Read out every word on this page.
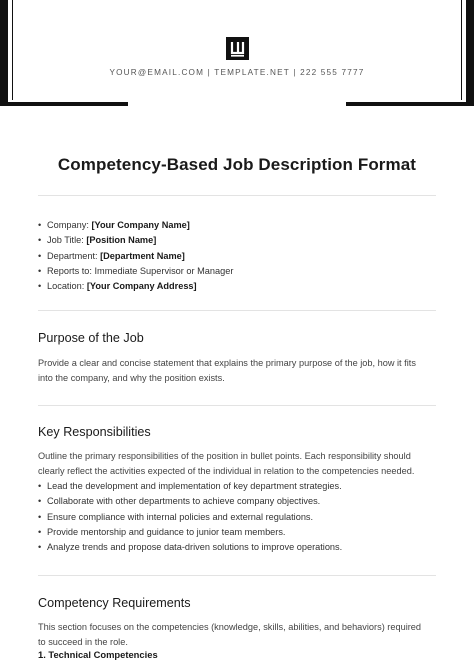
YOUR@EMAIL.COM | TEMPLATE.NET | 222 555 7777
Competency-Based Job Description Format
• Company: [Your Company Name]
• Job Title: [Position Name]
• Department: [Department Name]
• Reports to: Immediate Supervisor or Manager
• Location: [Your Company Address]
Purpose of the Job
Provide a clear and concise statement that explains the primary purpose of the job, how it fits
into the company, and why the position exists.
Key Responsibilities
Outline the primary responsibilities of the position in bullet points. Each responsibility should
clearly reflect the activities expected of the individual in relation to the competencies needed.
• Lead the development and implementation of key department strategies.
• Collaborate with other departments to achieve company objectives.
• Ensure compliance with internal policies and external regulations.
• Provide mentorship and guidance to junior team members.
• Analyze trends and propose data-driven solutions to improve operations.
Competency Requirements
This section focuses on the competencies (knowledge, skills, abilities, and behaviors) required
to succeed in the role.
1. Technical Competencies
